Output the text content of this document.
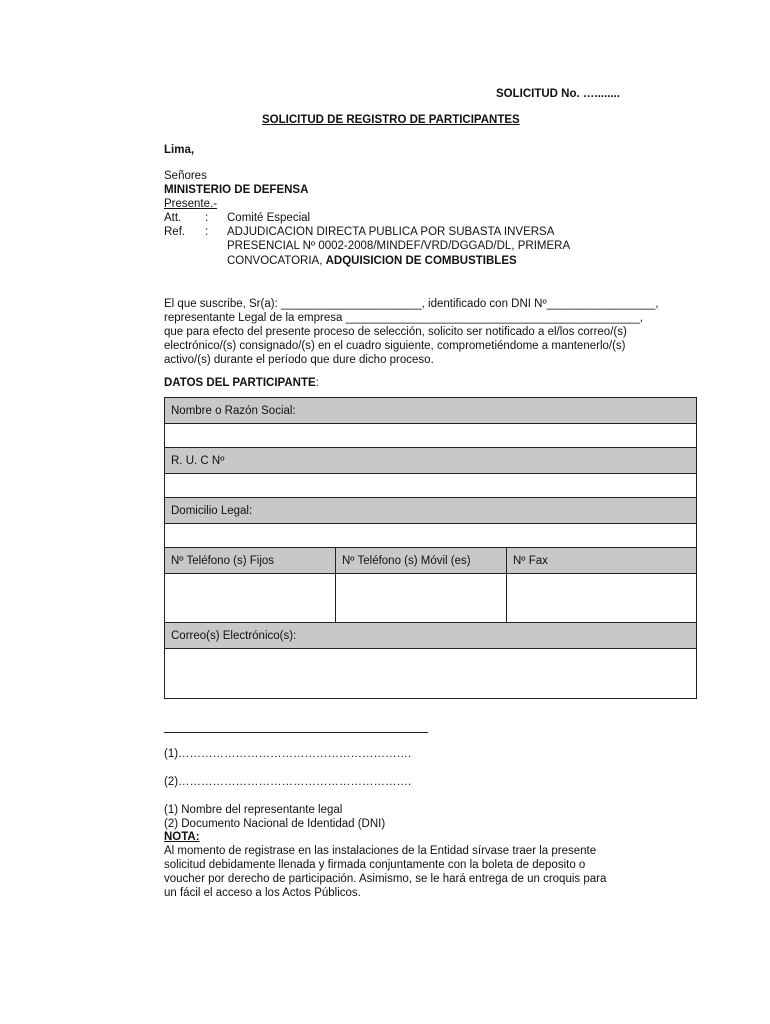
SOLICITUD No. …........
SOLICITUD DE REGISTRO DE PARTICIPANTES
Lima,
Señores
MINISTERIO DE DEFENSA
Presente.-
Att. : Comité Especial
Ref. : ADJUDICACION DIRECTA PUBLICA POR SUBASTA INVERSA
PRESENCIAL Nº 0002-2008/MINDEF/VRD/DGGAD/DL, PRIMERA
CONVOCATORIA, ADQUISICION DE COMBUSTIBLES
El que suscribe, Sr(a): ______________________, identificado con DNI Nº_________________,
representante Legal de la empresa ______________________________________________,
que para efecto del presente proceso de selección, solicito ser notificado a el/los correo/(s)
electrónico/(s) consignado/(s) en el cuadro siguiente, comprometiéndome a mantenerlo/(s)
activo/(s) durante el período que dure dicho proceso.
DATOS DEL PARTICIPANTE:
Nombre o Razón Social:		

R. U. C Nº		

Domicilio Legal:		

Nº Teléfono (s) Fijos	Nº Teléfono (s) Móvil (es)	Nº Fax

Correo(s) Electrónico(s):		

(1)…………………………………………………….
(2)…………………………………………………….
(1) Nombre del representante legal
(2) Documento Nacional de Identidad (DNI)
NOTA:
Al momento de registrase en las instalaciones de la Entidad sírvase traer la presente
solicitud debidamente llenada y firmada conjuntamente con la boleta de deposito o
voucher por derecho de participación. Asimismo, se le hará entrega de un croquis para
un fácil el acceso a los Actos Públicos.
